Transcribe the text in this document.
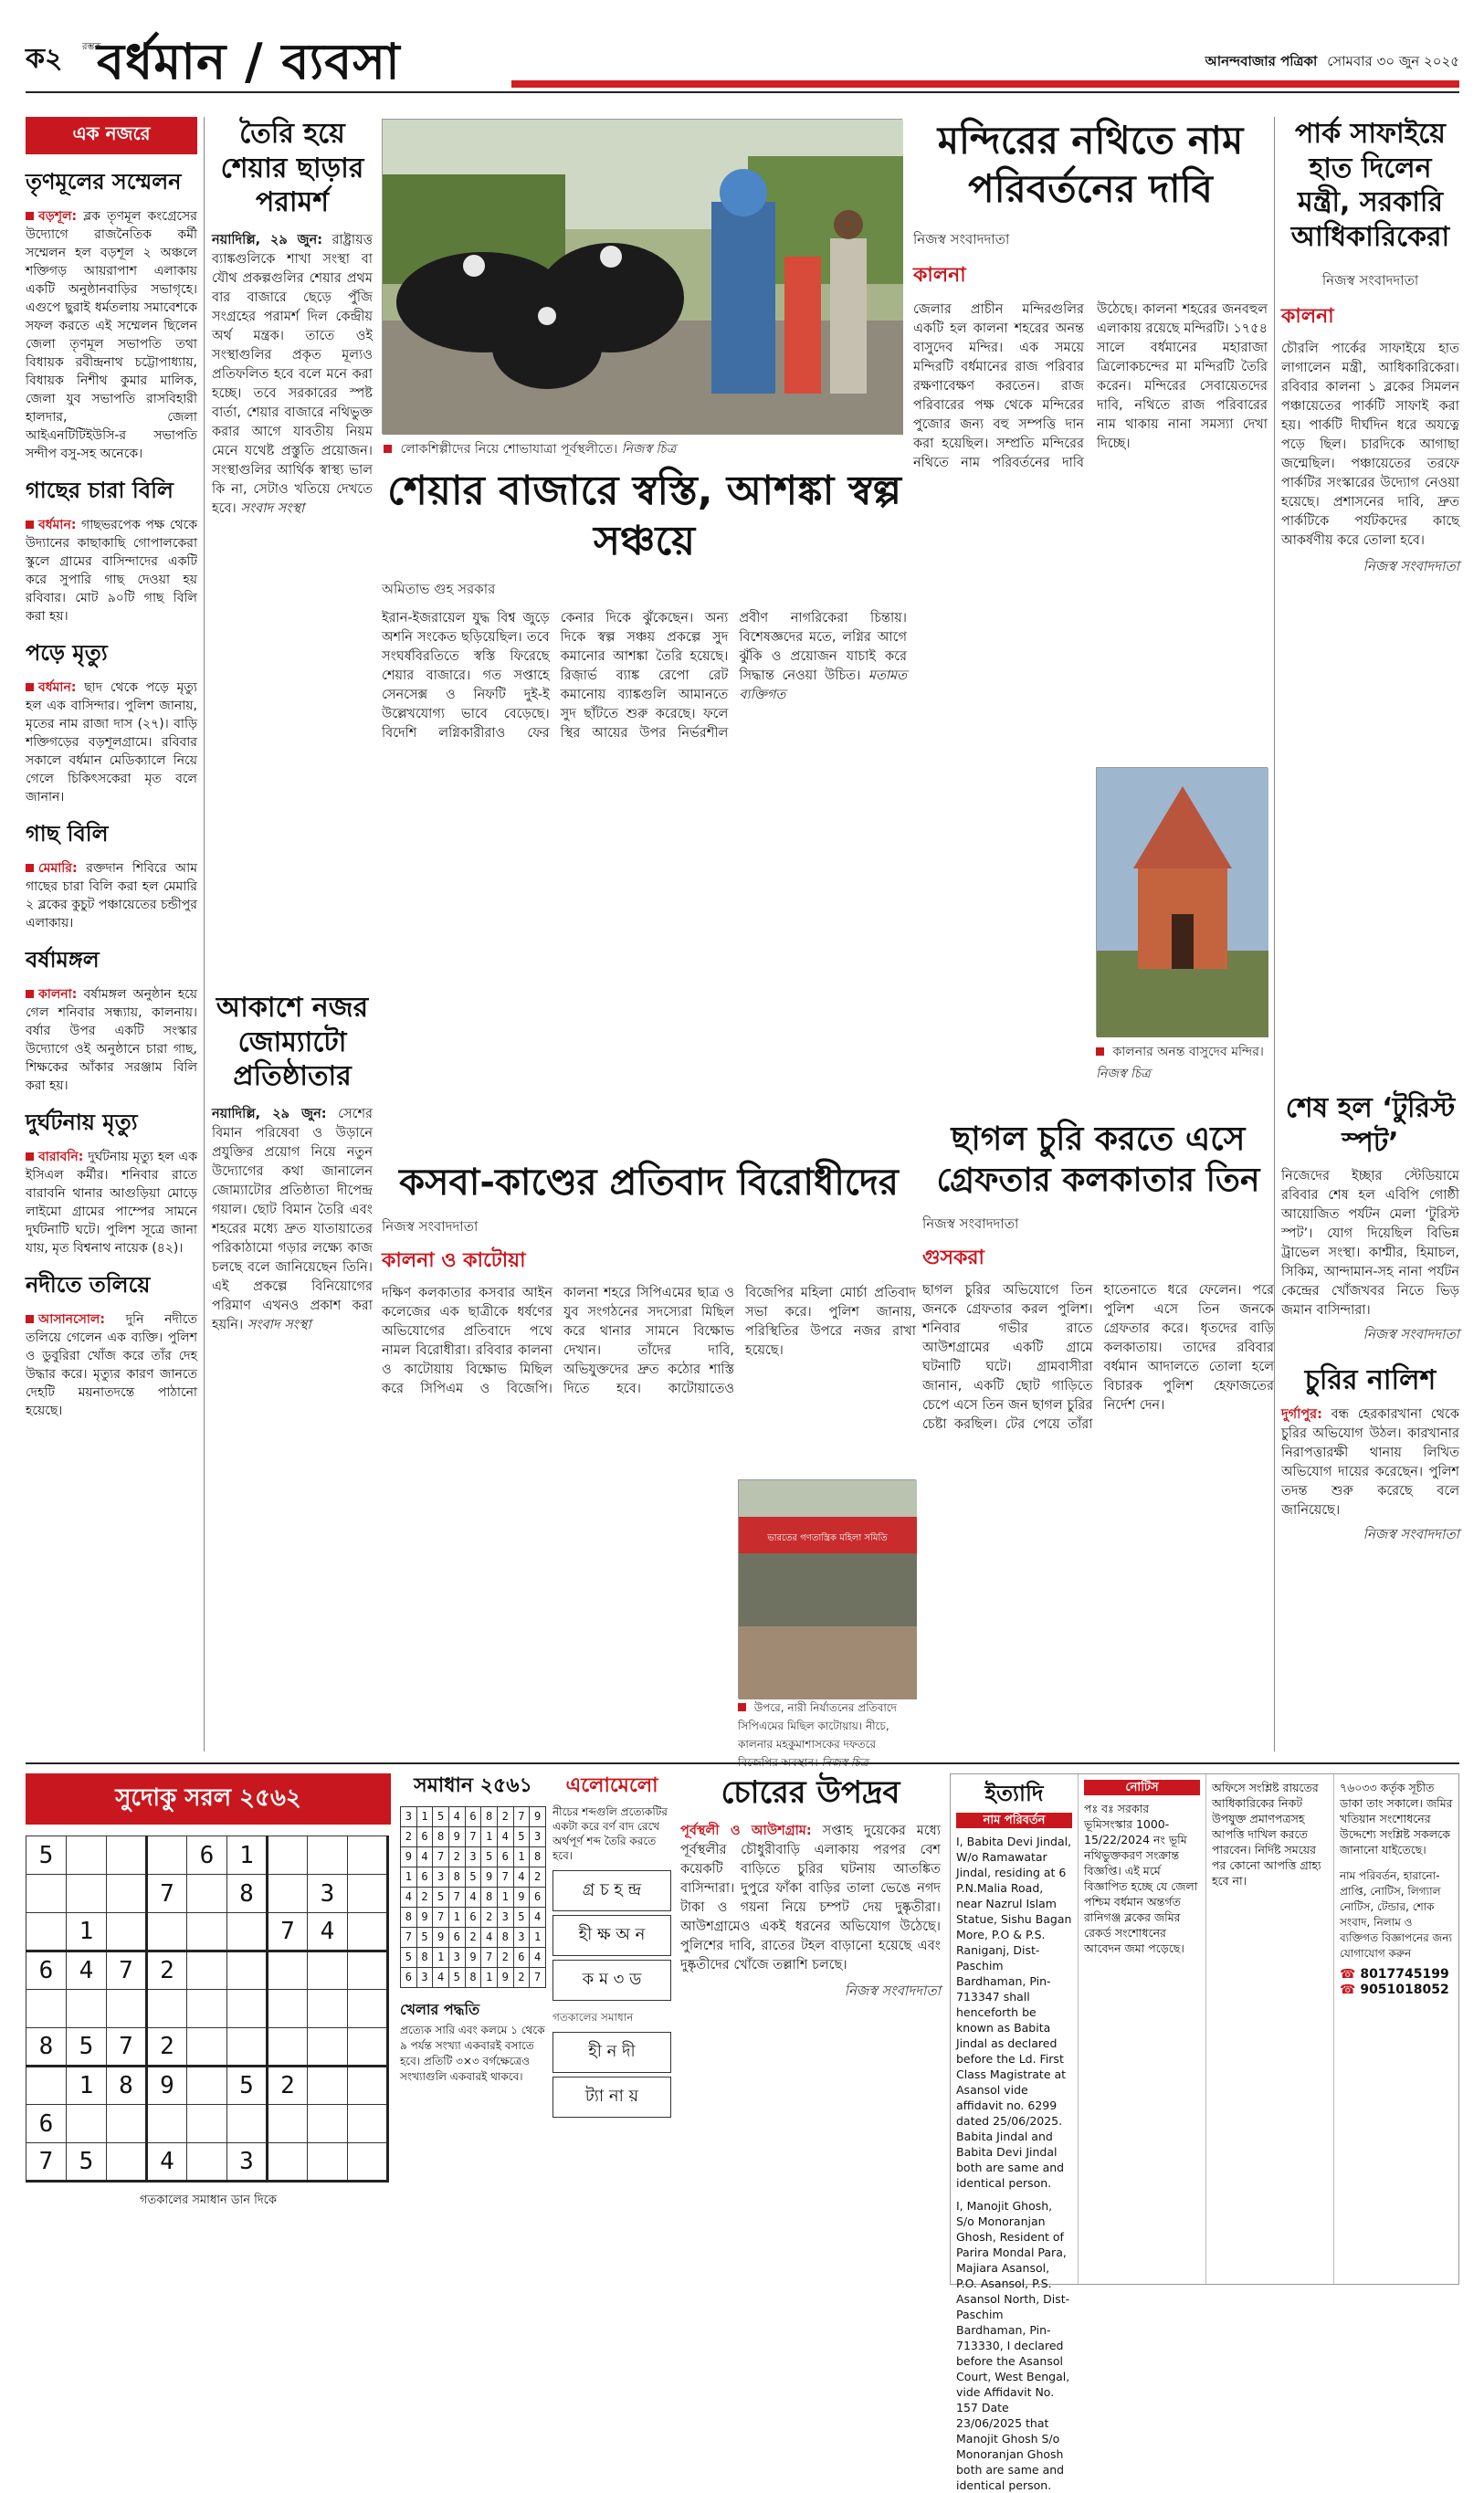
ক২ রম্ভক
বর্ধমান / ব্যবসা	আনন্দবাজার পত্রিকা সোমবার ৩০ জুন ২০২৫
এক নজরে
তৃণমূলের সম্মেলন
বড়শূল: ব্লক তৃণমূল কংগ্রেসের উদ্যোগে রাজনৈতিক কর্মী সম্মেলন হল বড়শূল ২ অঞ্চলে শক্তিগড় আয়রাপাশ এলাকায় একটি অনুষ্ঠানবাড়ির সভাগৃহে। এগুপে ছুরাই ধর্মতলায় সমাবেশকে সফল করতে এই সম্মেলন ছিলেন জেলা তৃণমূল সভাপতি তথা বিধায়ক রবীন্দ্রনাথ চট্টোপাধ্যায়, বিধায়ক নিশীথ কুমার মালিক, জেলা যুব সভাপতি রাসবিহারী হালদার, জেলা আইএনটিটিইউসি-র সভাপতি সন্দীপ বসু-সহ অনেকে।
গাছের চারা বিলি
বর্ধমান: গাছভরপেক পক্ষ থেকে উদ্যানের কাছাকাছি গোপালকেরা স্কুলে গ্রামের বাসিন্দাদের একটি করে সুপারি গাছ দেওয়া হয় রবিবার। মোট ৯০টি গাছ বিলি করা হয়।
পড়ে মৃত্যু
বর্ধমান: ছাদ থেকে পড়ে মৃত্যু হল এক বাসিন্দার। পুলিশ জানায়, মৃতের নাম রাজা দাস (২৭)। বাড়ি শক্তিগড়ের বড়শূলগ্রামে। রবিবার সকালে বর্ধমান মেডিক্যালে নিয়ে গেলে চিকিৎসকেরা মৃত বলে জানান।
গাছ বিলি
মেমারি: রক্তদান শিবিরে আম গাছের চারা বিলি করা হল মেমারি ২ ব্লকের কুচুট পঞ্চায়েতের চন্ডীপুর এলাকায়।
বর্ষামঙ্গল
কালনা: বর্ষামঙ্গল অনুষ্ঠান হয়ে গেল শনিবার সন্ধ্যায়, কালনায়। বর্ষার উপর একটি সংস্কার উদ্যোগে ওই অনুষ্ঠানে চারা গাছ, শিক্ষকের আঁকার সরঞ্জাম বিলি করা হয়।
দুর্ঘটনায় মৃত্যু
বারাবনি: দুর্ঘটনায় মৃত্যু হল এক ইসিএল কর্মীর। শনিবার রাতে বারাবনি থানার আগুড়িয়া মোড়ে লাইমো গ্রামের পাম্পের সামনে দুর্ঘটনাটি ঘটে। পুলিশ সূত্রে জানা যায়, মৃত বিশ্বনাথ নায়েক (৪২)।
নদীতে তলিয়ে
আসানসোল: দুনি নদীতে তলিয়ে গেলেন এক ব্যক্তি। পুলিশ ও ডুবুরিরা খোঁজ করে তাঁর দেহ উদ্ধার করে। মৃত্যুর কারণ জানতে দেহটি ময়নাতদন্তে পাঠানো হয়েছে।
তৈরি হয়ে শেয়ার ছাড়ার পরামর্শ
নয়াদিল্লি, ২৯ জুন: রাষ্ট্রায়ত্ত ব্যাঙ্কগুলিকে শাখা সংস্থা বা যৌথ প্রকল্পগুলির শেয়ার প্রথম বার বাজারে ছেড়ে পুঁজি সংগ্রহের পরামর্শ দিল কেন্দ্রীয় অর্থ মন্ত্রক। তাতে ওই সংস্থাগুলির প্রকৃত মূল্যও প্রতিফলিত হবে বলে মনে করা হচ্ছে। তবে সরকারের স্পষ্ট বার্তা, শেয়ার বাজারে নথিভুক্ত করার আগে যাবতীয় নিয়ম মেনে যথেষ্ট প্রস্তুতি প্রয়োজন। সংস্থাগুলির আর্থিক স্বাস্থ্য ভাল কি না, সেটাও খতিয়ে দেখতে হবে। সংবাদ সংস্থা
লোকশিল্পীদের নিয়ে শোভাযাত্রা পূর্বস্থলীতে। নিজস্ব চিত্র
মন্দিরের নথিতে নাম পরিবর্তনের দাবি
নিজস্ব সংবাদদাতা
কালনা
জেলার প্রাচীন মন্দিরগুলির একটি হল কালনা শহরের অনন্ত বাসুদেব মন্দির। এক সময়ে মন্দিরটি বর্ধমানের রাজ পরিবার রক্ষণাবেক্ষণ করতেন। রাজ পরিবারের পক্ষ থেকে মন্দিরের পুজোর জন্য বহু সম্পত্তি দান করা হয়েছিল। সম্প্রতি মন্দিরের নথিতে নাম পরিবর্তনের দাবি উঠেছে। কালনা শহরের জনবহুল এলাকায় রয়েছে মন্দিরটি। ১৭৫৪ সালে বর্ধমানের মহারাজা ত্রিলোকচন্দের মা মন্দিরটি তৈরি করেন। মন্দিরের সেবায়েতদের দাবি, নথিতে রাজ পরিবারের নাম থাকায় নানা সমস্যা দেখা দিচ্ছে।
কালনার অনন্ত বাসুদেব মন্দির। নিজস্ব চিত্র
পার্ক সাফাইয়ে হাত দিলেন মন্ত্রী, সরকারি আধিকারিকেরা
নিজস্ব সংবাদদাতা
কালনা
চৌরলি পার্কের সাফাইয়ে হাত লাগালেন মন্ত্রী, আধিকারিকেরা। রবিবার কালনা ১ ব্লকের সিমলন পঞ্চায়েতের পার্কটি সাফাই করা হয়। পার্কটি দীর্ঘদিন ধরে অযত্নে পড়ে ছিল। চারদিকে আগাছা জন্মেছিল। পঞ্চায়েতের তরফে পার্কটির সংস্কারের উদ্যোগ নেওয়া হয়েছে। প্রশাসনের দাবি, দ্রুত পার্কটিকে পর্যটকদের কাছে আকর্ষণীয় করে তোলা হবে।
নিজস্ব সংবাদদাতা
শেয়ার বাজারে স্বস্তি, আশঙ্কা স্বল্প সঞ্চয়ে
অমিতাভ গুহ সরকার
ইরান-ইজরায়েল যুদ্ধ বিশ্ব জুড়ে অশনি সংকেত ছড়িয়েছিল। তবে সংঘর্ষবিরতিতে স্বস্তি ফিরেছে শেয়ার বাজারে। গত সপ্তাহে সেনসেক্স ও নিফটি দুই-ই উল্লেখযোগ্য ভাবে বেড়েছে। বিদেশি লগ্নিকারীরাও ফের কেনার দিকে ঝুঁকেছেন। অন্য দিকে স্বল্প সঞ্চয় প্রকল্পে সুদ কমানোর আশঙ্কা তৈরি হয়েছে। রিজ়ার্ভ ব্যাঙ্ক রেপো রেট কমানোয় ব্যাঙ্কগুলি আমানতে সুদ ছাঁটতে শুরু করেছে। ফলে স্থির আয়ের উপর নির্ভরশীল প্রবীণ নাগরিকেরা চিন্তায়। বিশেষজ্ঞদের মতে, লগ্নির আগে ঝুঁকি ও প্রয়োজন যাচাই করে সিদ্ধান্ত নেওয়া উচিত। মতামত ব্যক্তিগত
আকাশে নজর জোম্যাটো প্রতিষ্ঠাতার
নয়াদিল্লি, ২৯ জুন: সেশের বিমান পরিষেবা ও উড়ানে প্রযুক্তির প্রয়োগ নিয়ে নতুন উদ্যোগের কথা জানালেন জোম্যাটোর প্রতিষ্ঠাতা দীপেন্দ্র গয়াল। ছোট বিমান তৈরি এবং শহরের মধ্যে দ্রুত যাতায়াতের পরিকাঠামো গড়ার লক্ষ্যে কাজ চলছে বলে জানিয়েছেন তিনি। এই প্রকল্পে বিনিয়োগের পরিমাণ এখনও প্রকাশ করা হয়নি। সংবাদ সংস্থা
কসবা-কাণ্ডের প্রতিবাদ বিরোধীদের
নিজস্ব সংবাদদাতা
কালনা ও কাটোয়া
দক্ষিণ কলকাতার কসবার আইন কলেজের এক ছাত্রীকে ধর্ষণের অভিযোগের প্রতিবাদে পথে নামল বিরোধীরা। রবিবার কালনা ও কাটোয়ায় বিক্ষোভ মিছিল করে সিপিএম ও বিজেপি। কালনা শহরে সিপিএমের ছাত্র ও যুব সংগঠনের সদস্যেরা মিছিল করে থানার সামনে বিক্ষোভ দেখান। তাঁদের দাবি, অভিযুক্তদের দ্রুত কঠোর শাস্তি দিতে হবে। কাটোয়াতেও বিজেপির মহিলা মোর্চা প্রতিবাদ সভা করে। পুলিশ জানায়, পরিস্থিতির উপরে নজর রাখা হয়েছে।
ভারতের গণতান্ত্রিক মহিলা সমিতি
উপরে, নারী নির্যাতনের প্রতিবাদে সিপিএমের মিছিল কাটোয়ায়। নীচে, কালনার মহকুমাশাসকের দফতরে
ছাগল চুরি করতে এসে গ্রেফতার কলকাতার তিন
নিজস্ব সংবাদদাতা
গুসকরা
ছাগল চুরির অভিযোগে তিন জনকে গ্রেফতার করল পুলিশ। শনিবার গভীর রাতে আউশগ্রামের একটি গ্রামে ঘটনাটি ঘটে। গ্রামবাসীরা জানান, একটি ছোট গাড়িতে চেপে এসে তিন জন ছাগল চুরির চেষ্টা করছিল। টের পেয়ে তাঁরা হাতেনাতে ধরে ফেলেন। পরে পুলিশ এসে তিন জনকে গ্রেফতার করে। ধৃতদের বাড়ি কলকাতায়। তাদের রবিবার বর্ধমান আদালতে তোলা হলে বিচারক পুলিশ হেফাজতের নির্দেশ দেন।
শেষ হল ‘টুরিস্ট স্পট’
নিজেদের ইচ্ছার স্টেডিয়ামে রবিবার শেষ হল এবিপি গোষ্ঠী আয়োজিত পর্যটন মেলা ‘টুরিস্ট স্পট’। যোগ দিয়েছিল বিভিন্ন ট্রাভেল সংস্থা। কাশ্মীর, হিমাচল, সিকিম, আন্দামান-সহ নানা পর্যটন কেন্দ্রের খোঁজখবর নিতে ভিড় জমান বাসিন্দারা।
নিজস্ব সংবাদদাতা
চুরির নালিশ
দুর্গাপুর: বন্ধ হেরকারখানা থেকে চুরির অভিযোগ উঠল। কারখানার নিরাপত্তারক্ষী থানায় লিখিত অভিযোগ দায়ের করেছেন। পুলিশ তদন্ত শুরু করেছে বলে জানিয়েছে।
নিজস্ব সংবাদদাতা
সুদোকু সরল ২৫৬২
5				6	1			
			7		8		3	
	1					7	4	
6	4	7	2					

8	5	7	2					
	1	8	9		5	2		
6								
7	5		4		3			
গতকালের সমাধান ডান দিকে
সমাধান ২৫৬১
3	1	5	4	6	8	2	7	9
2	6	8	9	7	1	4	5	3
9	4	7	2	3	5	6	1	8
1	6	3	8	5	9	7	4	2
4	2	5	7	4	8	1	9	6
8	9	7	1	6	2	3	5	4
7	5	9	6	2	4	8	3	1
5	8	1	3	9	7	2	6	4
6	3	4	5	8	1	9	2	7
খেলার পদ্ধতি
প্রত্যেক সারি এবং কলমে ১ থেকে ৯ পর্যন্ত সংখ্যা একবারই বসাতে হবে। প্রতিটি ৩×৩ বর্গক্ষেত্রেও সংখ্যাগুলি একবারই থাকবে।
এলোমেলো
নীচের শব্দগুলি প্রত্যেকটির একটা করে বর্ণ বাদ রেখে অর্থপূর্ণ শব্দ তৈরি করতে হবে।
গ্র চ হ ন্দ্র
হী ক্ষ অ ন
ক ম ৩ ড
গতকালের সমাধান
হী ন দী
ট্যা না য়
চোরের উপদ্রব
পূর্বস্থলী ও আউশগ্রাম: সপ্তাহ দুয়েকের মধ্যে পূর্বস্থলীর চৌধুরীবাড়ি এলাকায় পরপর বেশ কয়েকটি বাড়িতে চুরির ঘটনায় আতঙ্কিত বাসিন্দারা। দুপুরে ফাঁকা বাড়ির তালা ভেঙে নগদ টাকা ও গয়না নিয়ে চম্পট দেয় দুষ্কৃতীরা। আউশগ্রামেও একই ধরনের অভিযোগ উঠেছে। পুলিশের দাবি, রাতের টহল বাড়ানো হয়েছে এবং দুষ্কৃতীদের খোঁজে তল্লাশি চলছে।
নিজস্ব সংবাদদাতা
ইত্যাদি
নাম পরিবর্তন

I, Babita Devi Jindal, W/o Ramawatar Jindal, residing at 6 P.N.Malia Road, near Nazrul Islam Statue, Sishu Bagan More, P.O & P.S. Raniganj, Dist-Paschim Bardhaman, Pin-713347 shall henceforth be known as Babita Jindal as declared before the Ld. First Class Magistrate at Asansol vide affidavit no. 6299 dated 25/06/2025. Babita Jindal and Babita Devi Jindal both are same and identical person.

I, Manojit Ghosh, S/o Monoranjan Ghosh, Resident of Parira Mondal Para, Majiara Asansol, P.O. Asansol, P.S. Asansol North, Dist-Paschim Bardhaman, Pin-713330, I declared before the Asansol Court, West Bengal, vide Affidavit No. 157 Date 23/06/2025 that Manojit Ghosh S/o Monoranjan Ghosh both are same and identical person.

নোটিস

পঃ বঃ সরকার ভূমিসংস্কার 1000-15/22/2024 নং ভূমি নথিভুক্তকরণ সংক্রান্ত বিজ্ঞপ্তি। এই মর্মে বিজ্ঞাপিত হচ্ছে যে জেলা পশ্চিম বর্ধমান অন্তর্গত রানিগঞ্জ ব্লকের জমির রেকর্ড সংশোধনের আবেদন জমা পড়েছে।

অফিসে সংশ্লিষ্ট রায়তের আধিকারিকের নিকট উপযুক্ত প্রমাণপত্রসহ আপত্তি দাখিল করতে পারবেন। নির্দিষ্ট সময়ের পর কোনো আপত্তি গ্রাহ্য হবে না।

৭৬০৩৩ কর্তৃক সূচীত ডাকা তাং সকালে। জমির খতিয়ান সংশোধনের উদ্দেশ্যে সংশ্লিষ্ট সকলকে জানানো যাইতেছে।

নাম পরিবর্তন, হারানো-প্রাপ্তি, নোটিস, লিগ্যাল নোটিস, টেন্ডার, শোক সংবাদ, নিলাম ও ব্যক্তিগত বিজ্ঞাপনের জন্য যোগাযোগ করুন
☎ 8017745199
☎ 9051018052
